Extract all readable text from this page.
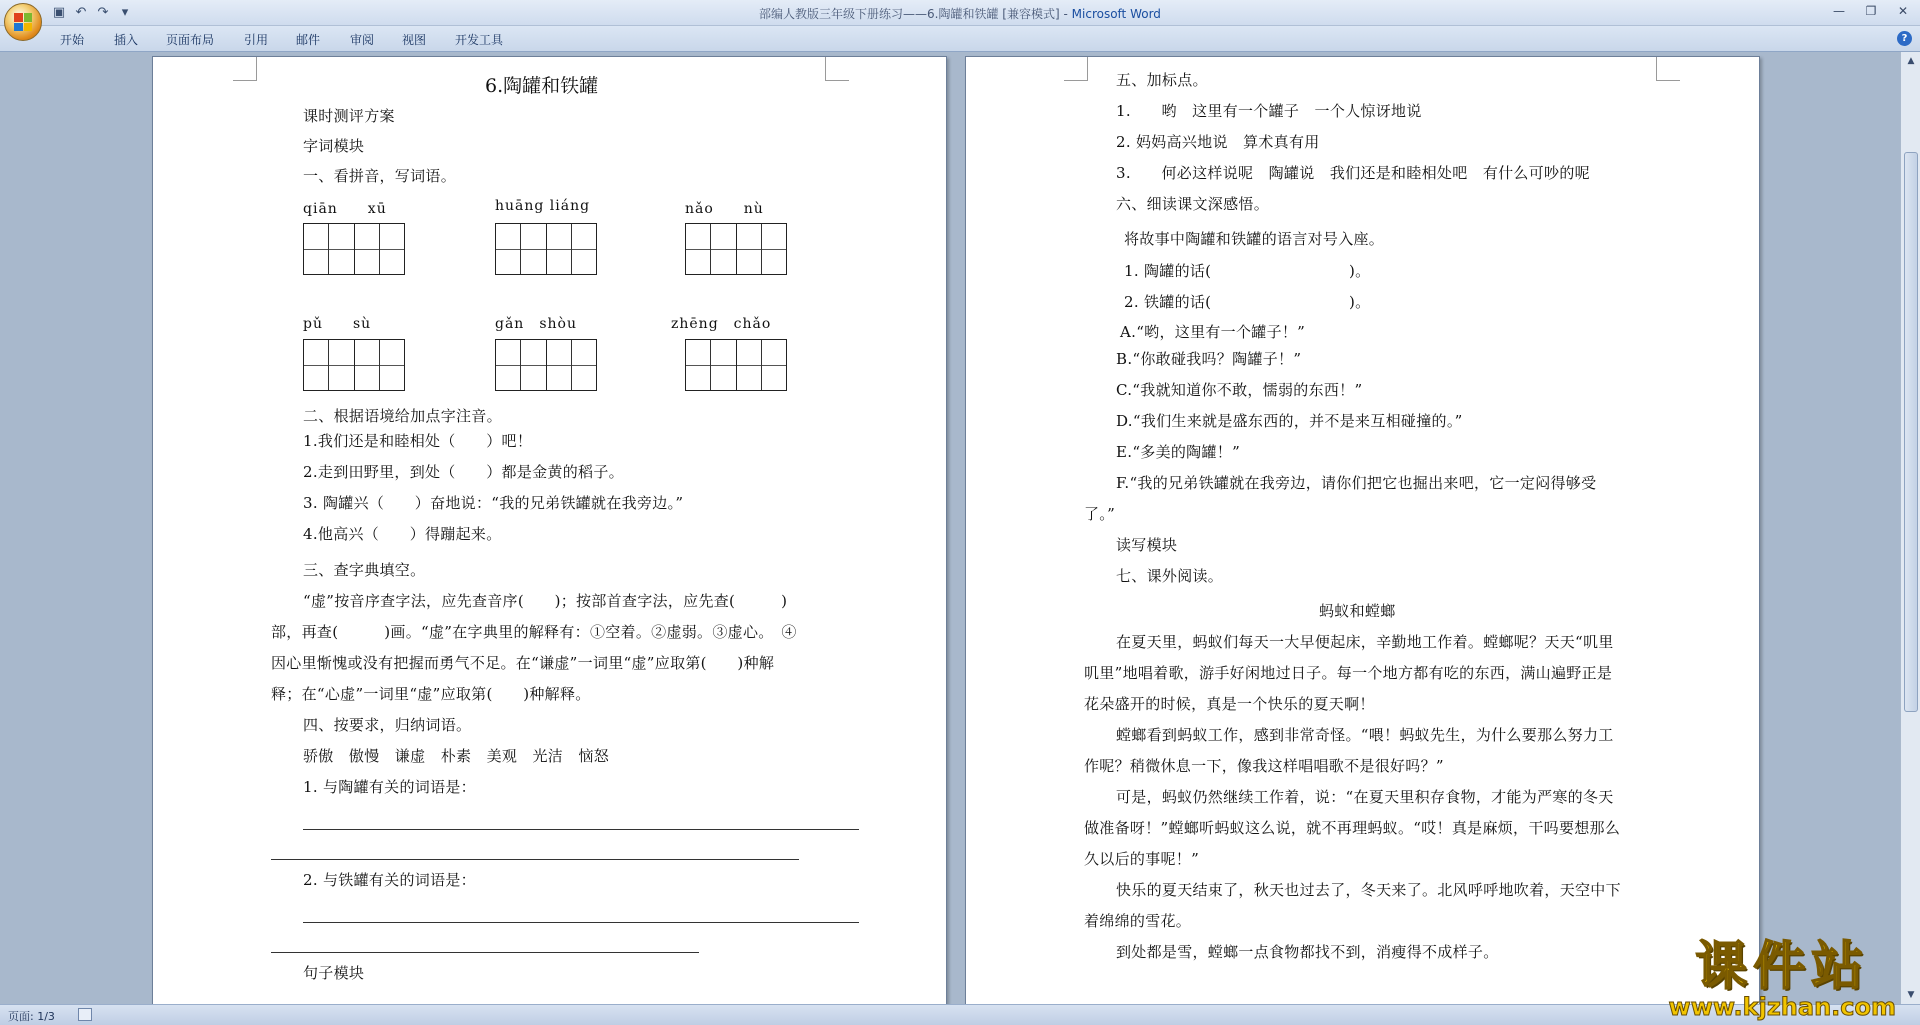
▣ ↶ ↷	▾	部编人教版三年级下册练习——6.陶罐和铁罐 [兼容模式] - Microsoft Word	—	❐	✕
开始 插入 页面布局 引用 邮件 审阅 视图 开发工具	?
6.陶罐和铁罐
课时测评方案
字词模块
一、看拼音，写词语。
qiān　　xū	huāng liáng	nǎo　　nù
pǔ　　sù	gǎn　shòu	zhēng　chǎo
二、根据语境给加点字注音。
1.我们还是和睦相处（　　）吧！
2.走到田野里，到处（　　）都是金黄的稻子。
3. 陶罐兴（　　）奋地说：“我的兄弟铁罐就在我旁边。”
4.他高兴（　　）得蹦起来。
三、查字典填空。
“虚”按音序查字法，应先查音序(　　)；按部首查字法，应先查(　　　)
部，再查(　　　)画。“虚”在字典里的解释有：①空着。②虚弱。③虚心。　④
因心里惭愧或没有把握而勇气不足。在“谦虚”一词里“虚”应取第(　　)种解
释；在“心虚”一词里“虚”应取第(　　)种解释。
四、按要求，归纳词语。
骄傲　傲慢　谦虚　朴素　美观　光洁　恼怒
1. 与陶罐有关的词语是：
2. 与铁罐有关的词语是：
句子模块
五、加标点。
1.　　哟　这里有一个罐子　一个人惊讶地说
2. 妈妈高兴地说　算术真有用
3.　　何必这样说呢　陶罐说　我们还是和睦相处吧　有什么可吵的呢
六、细读课文深感悟。
将故事中陶罐和铁罐的语言对号入座。
1. 陶罐的话(　　　　　　　　　)。
2. 铁罐的话(　　　　　　　　　)。
A.“哟，这里有一个罐子！”
B.“你敢碰我吗？陶罐子！”
C.“我就知道你不敢，懦弱的东西！”
D.“我们生来就是盛东西的，并不是来互相碰撞的。”
E.“多美的陶罐！”
F.“我的兄弟铁罐就在我旁边，请你们把它也掘出来吧，它一定闷得够受
了。”
读写模块
七、课外阅读。
蚂蚁和螳螂
在夏天里，蚂蚁们每天一大早便起床，辛勤地工作着。螳螂呢？天天“叽里
叽里”地唱着歌，游手好闲地过日子。每一个地方都有吃的东西，满山遍野正是
花朵盛开的时候，真是一个快乐的夏天啊！
螳螂看到蚂蚁工作，感到非常奇怪。“喂！蚂蚁先生，为什么要那么努力工
作呢？稍微休息一下，像我这样唱唱歌不是很好吗？”
可是，蚂蚁仍然继续工作着，说：“在夏天里积存食物，才能为严寒的冬天
做准备呀！”螳螂听蚂蚁这么说，就不再理蚂蚁。“哎！真是麻烦，干吗要想那么
久以后的事呢！”
快乐的夏天结束了，秋天也过去了，冬天来了。北风呼呼地吹着，天空中下
着绵绵的雪花。
到处都是雪，螳螂一点食物都找不到，消瘦得不成样子。
▲
▼
页面: 1/3
课件站
www.kjzhan.com
